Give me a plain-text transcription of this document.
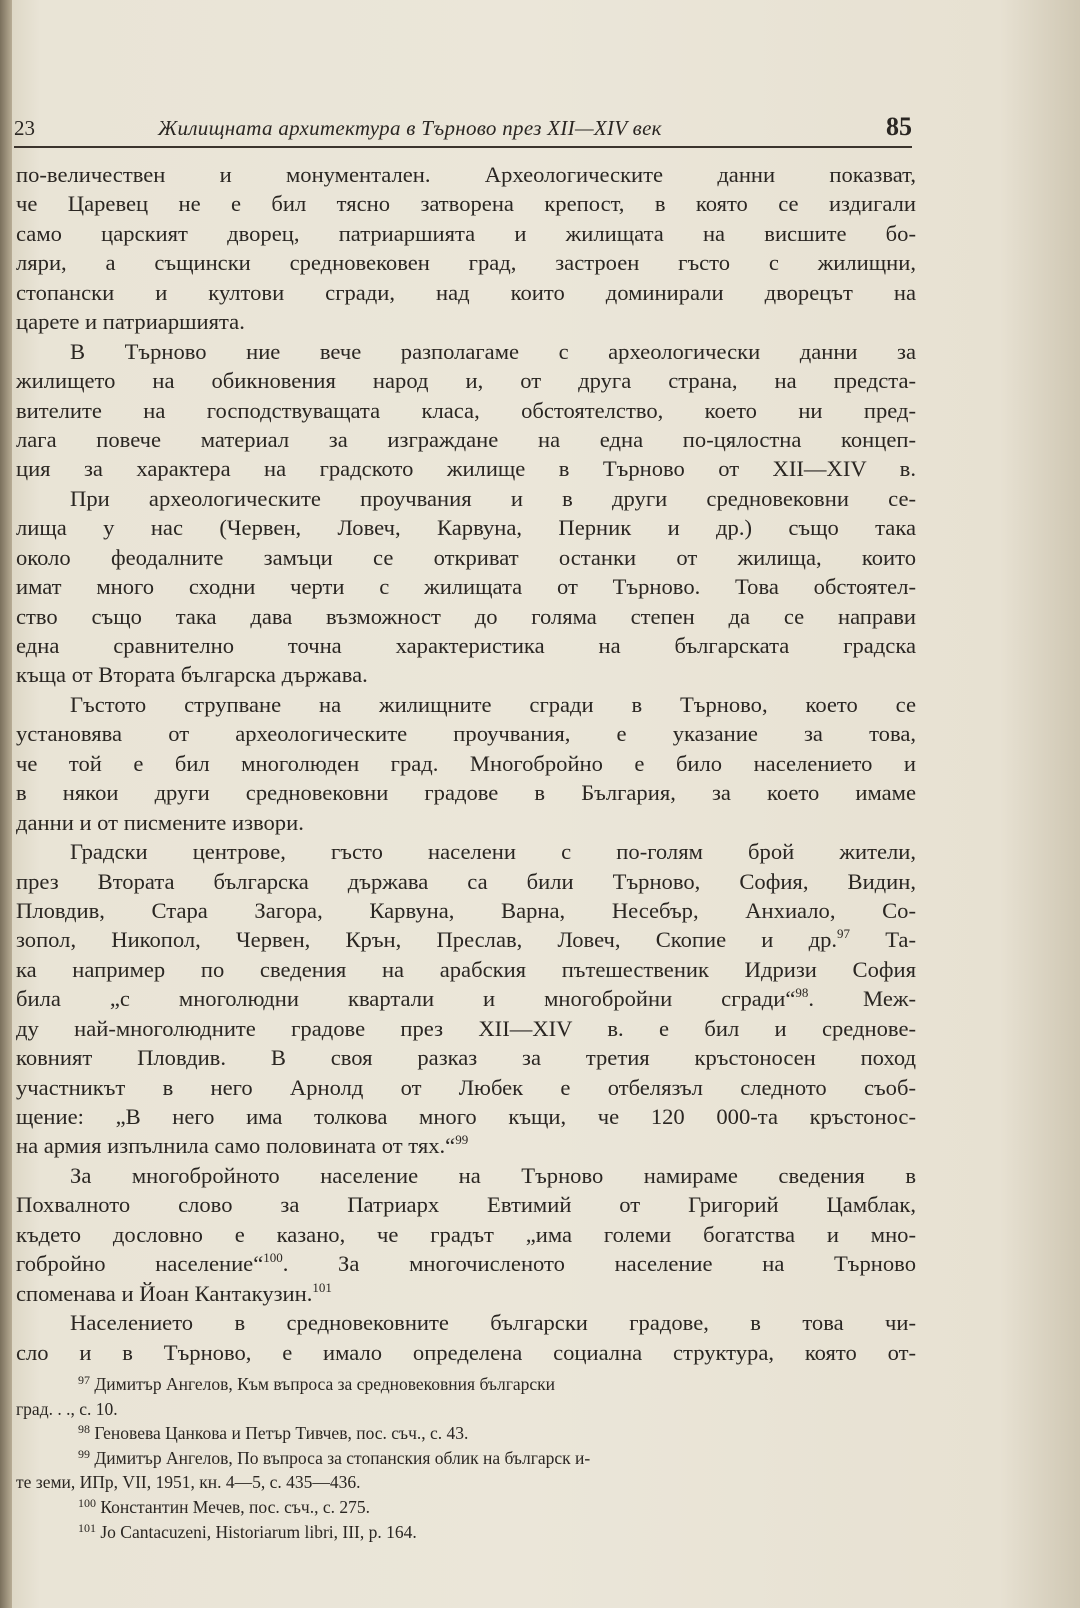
23	Жилищната архитектура в Търново през XII—XIV век	85
по-величествен и монументален. Археологическите данни показват,
че Царевец не е бил тясно затворена крепост, в която се издигали
само царският дворец, патриаршията и жилищата на висшите бо-
ляри, а същински средновековен град, застроен гъсто с жилищни,
стопански и култови сгради, над които доминирали дворецът на
царете и патриаршията.
В Търново ние вече разполагаме с археологически данни за
жилището на обикновения народ и, от друга страна, на предста-
вителите на господствуващата класа, обстоятелство, което ни пред-
лага повече материал за изграждане на една по-цялостна концеп-
ция за характера на градското жилище в Търново от XII—XIV в.
При археологическите проучвания и в други средновековни се-
лища у нас (Червен, Ловеч, Карвуна, Перник и др.) също така
около феодалните замъци се откриват останки от жилища, които
имат много сходни черти с жилищата от Търново. Това обстоятел-
ство също така дава възможност до голяма степен да се направи
една сравнително точна характеристика на българската градска
къща от Втората българска държава.
Гъстото струпване на жилищните сгради в Търново, което се
установява от археологическите проучвания, е указание за това,
че той е бил многолюден град. Многобройно е било населението и
в някои други средновековни градове в България, за което имаме
данни и от писмените извори.
Градски центрове, гъсто населени с по-голям брой жители,
през Втората българска държава са били Търново, София, Видин,
Пловдив, Стара Загора, Карвуна, Варна, Несебър, Анхиало, Со-
зопол, Никопол, Червен, Крън, Преслав, Ловеч, Скопие и др.$^{97}$ Та-
ка например по сведения на арабския пътешественик Идризи София
била „с многолюдни квартали и многобройни сгради“$^{98}$. Меж-
ду най-многолюдните градове през XII—XIV в. е бил и среднове-
ковният Пловдив. В своя разказ за третия кръстоносен поход
участникът в него Арнолд от Любек е отбелязъл следното съоб-
щение: „В него има толкова много къщи, че 120 000-та кръстонос-
на армия изпълнила само половината от тях.“$^{99}$
За многобройното население на Търново намираме сведения в
Похвалното слово за Патриарх Евтимий от Григорий Цамблак,
където дословно е казано, че градът „има големи богатства и мно-
гобройно население“$^{100}$. За многочисленото население на Търново
споменава и Йоан Кантакузин.$^{101}$
Населението в средновековните български градове, в това чи-
сло и в Търново, е имало определена социална структура, която от-
$^{97}$ Димитър Ангелов, Към въпроса за средновековния български
град. . ., с. 10.
$^{98}$ Геновева Цанкова и Петър Тивчев, пос. съч., с. 43.
$^{99}$ Димитър Ангелов, По въпроса за стопанския облик на българск и-
те земи, ИПр, VII, 1951, кн. 4—5, с. 435—436.
$^{100}$ Константин Мечев, пос. съч., с. 275.
$^{101}$ Jo Cantacuzeni, Historiarum libri, III, p. 164.
